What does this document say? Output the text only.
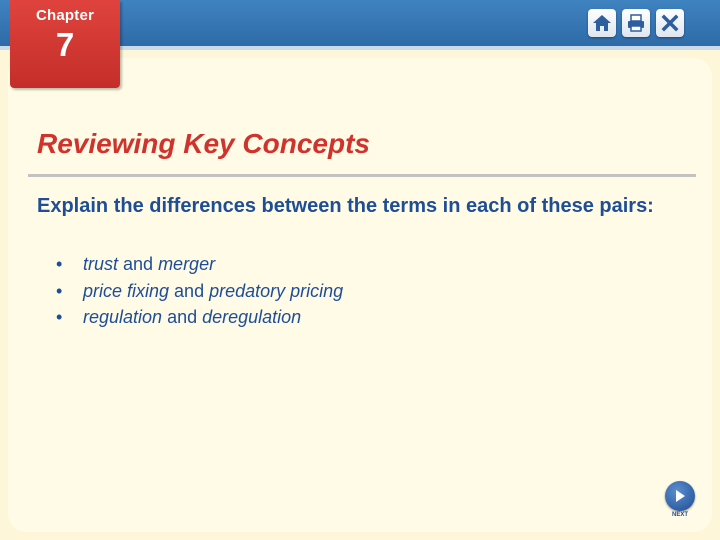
Chapter
7
Reviewing Key Concepts

Explain the differences between the terms in each of these pairs:

• trust and merger
• price fixing and predatory pricing
• regulation and deregulation
NEXT
